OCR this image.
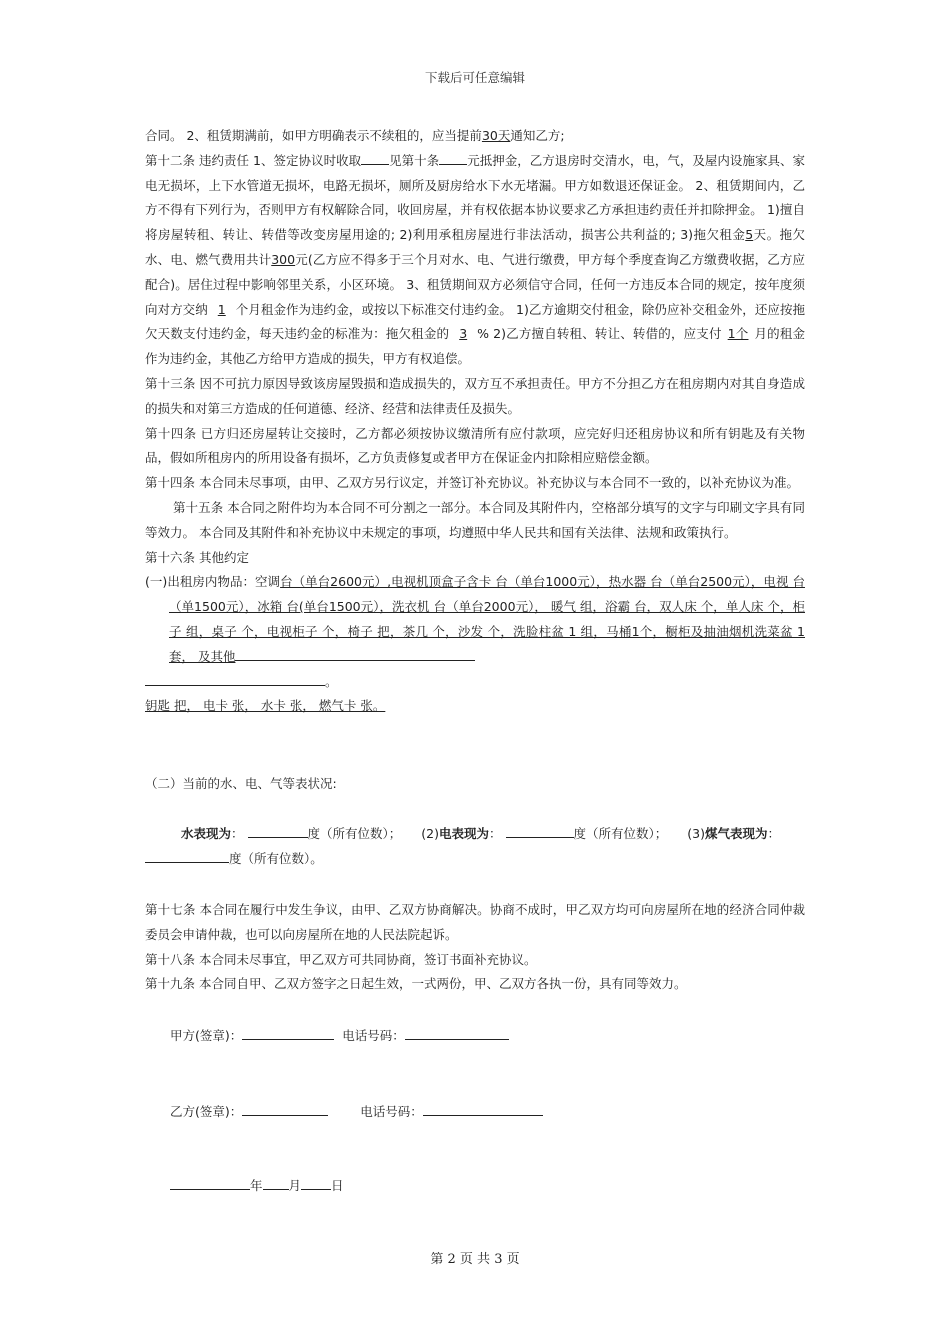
下载后可任意编辑

合同。 2、租赁期满前，如甲方明确表示不续租的，应当提前30天通知乙方;

第十二条 违约责任 1、签定协议时收取 见第十条 元抵押金，乙方退房时交清水，电，气，及屋内设施家具、家电无损坏，上下水管道无损坏，电路无损坏，厕所及厨房给水下水无堵漏。甲方如数退还保证金。 2、租赁期间内，乙方不得有下列行为，否则甲方有权解除合同，收回房屋，并有权依据本协议要求乙方承担违约责任并扣除押金。 1)擅自将房屋转租、转让、转借等改变房屋用途的; 2)利用承租房屋进行非法活动，损害公共利益的; 3)拖欠租金5天。拖欠水、电、燃气费用共计300元(乙方应不得多于三个月对水、电、气进行缴费，甲方每个季度查询乙方缴费收据，乙方应配合)。居住过程中影响邻里关系，小区环境。 3、租赁期间双方必须信守合同，任何一方违反本合同的规定，按年度须向对方交纳 1 个月租金作为违约金，或按以下标准交付违约金。 1)乙方逾期交付租金，除仍应补交租金外，还应按拖欠天数支付违约金，每天违约金的标准为：拖欠租金的 3 % 2)乙方擅自转租、转让、转借的，应支付 1个 月的租金作为违约金，其他乙方给甲方造成的损失，甲方有权追偿。

第十三条 因不可抗力原因导致该房屋毁损和造成损失的，双方互不承担责任。甲方不分担乙方在租房期内对其自身造成的损失和对第三方造成的任何道德、经济、经营和法律责任及损失。

第十四条 已方归还房屋转让交接时，乙方都必须按协议缴清所有应付款项，应完好归还租房协议和所有钥匙及有关物品，假如所租房内的所用设备有损坏，乙方负责修复或者甲方在保证金内扣除相应赔偿金额。

第十四条 本合同未尽事项，由甲、乙双方另行议定，并签订补充协议。补充协议与本合同不一致的，以补充协议为准。

第十五条 本合同之附件均为本合同不可分割之一部分。本合同及其附件内，空格部分填写的文字与印刷文字具有同等效力。 本合同及其附件和补充协议中未规定的事项，均遵照中华人民共和国有关法律、法规和政策执行。

第十六条 其他约定

(一)出租房内物品：空调台（单台2600元）,电视机顶盒子含卡 台（单台1000元），热水器 台（单台2500元），电视 台（单1500元），冰箱 台(单台1500元），洗衣机 台（单台2000元）， 暖气 组，浴霸 台，双人床 个，单人床 个，柜子 组，桌子 个，电视柜子 个，椅子 把，茶几 个，沙发 个，洗脸柱盆 1 组，马桶1个，橱柜及抽油烟机洗菜盆 1套， 及其他

。

钥匙 把， 电卡 张， 水卡 张， 燃气卡 张。

（二）当前的水、电、气等表状况:
水表现为：	度（所有位数）； (2)电表现为：	度（所有位数）； (3)煤气表现为：
度（所有位数）。
第十七条 本合同在履行中发生争议，由甲、乙双方协商解决。协商不成时，甲乙双方均可向房屋所在地的经济合同仲裁委员会申请仲裁，也可以向房屋所在地的人民法院起诉。
第十八条 本合同未尽事宜，甲乙双方可共同协商，签订书面补充协议。
第十九条 本合同自甲、乙双方签字之日起生效，一式两份，甲、乙双方各执一份，具有同等效力。
甲方(签章)：	电话号码：
乙方(签章)：	电话号码：
年 月 日
第 2 页 共 3 页
